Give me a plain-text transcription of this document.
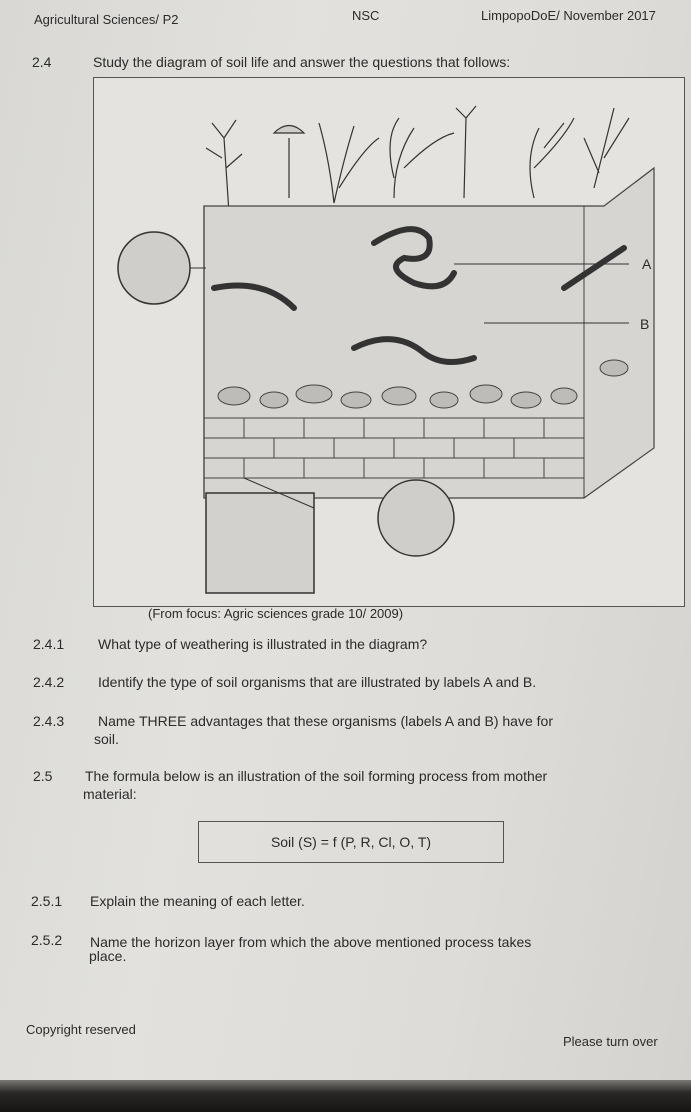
Agricultural Sciences/ P2	NSC	LimpopoDoE/ November 2017
2.4	Study the diagram of soil life and answer the questions that follows:
A
B
(From focus: Agric sciences grade 10/ 2009)
2.4.1 What type of weathering is illustrated in the diagram?
2.4.2 Identify the type of soil organisms that are illustrated by labels A and B.
2.4.3 Name THREE advantages that these organisms (labels A and B) have for
soil.
2.5 The formula below is an illustration of the soil forming process from mother
material:
Soil (S) = f (P, R, Cl, O, T)
2.5.1 Explain the meaning of each letter.
2.5.2 Name the horizon layer from which the above mentioned process takes
place.
Copyright reserved
Please turn over
